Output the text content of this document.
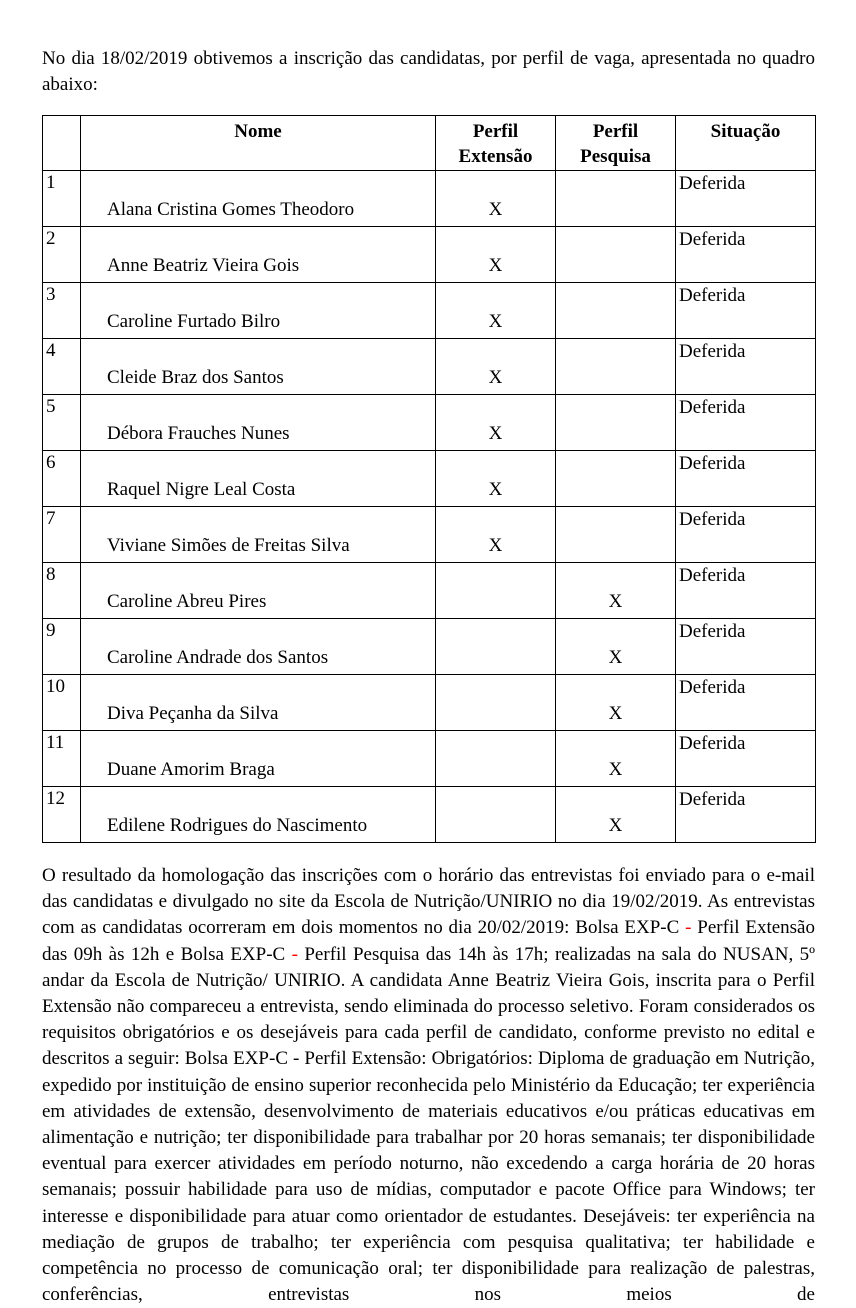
No dia 18/02/2019 obtivemos a inscrição das candidatas, por perfil de vaga, apresentada no quadro abaixo:

	Nome	Perfil Extensão	Perfil Pesquisa	Situação
1	Alana Cristina Gomes Theodoro	X		Deferida
2	Anne Beatriz Vieira Gois	X		Deferida
3	Caroline Furtado Bilro	X		Deferida
4	Cleide Braz dos Santos	X		Deferida
5	Débora Frauches Nunes	X		Deferida
6	Raquel Nigre Leal Costa	X		Deferida
7	Viviane Simões de Freitas Silva	X		Deferida
8	Caroline Abreu Pires		X	Deferida
9	Caroline Andrade dos Santos		X	Deferida
10	Diva Peçanha da Silva		X	Deferida
11	Duane Amorim Braga		X	Deferida
12	Edilene Rodrigues do Nascimento		X	Deferida

O resultado da homologação das inscrições com o horário das entrevistas foi enviado para o e-mail das candidatas e divulgado no site da Escola de Nutrição/UNIRIO no dia 19/02/2019. As entrevistas com as candidatas ocorreram em dois momentos no dia 20/02/2019: Bolsa EXP-C - Perfil Extensão das 09h às 12h e Bolsa EXP-C - Perfil Pesquisa das 14h às 17h; realizadas na sala do NUSAN, 5º andar da Escola de Nutrição/ UNIRIO. A candidata Anne Beatriz Vieira Gois, inscrita para o Perfil Extensão não compareceu a entrevista, sendo eliminada do processo seletivo. Foram considerados os requisitos obrigatórios e os desejáveis para cada perfil de candidato, conforme previsto no edital e descritos a seguir: Bolsa EXP-C - Perfil Extensão: Obrigatórios: Diploma de graduação em Nutrição, expedido por instituição de ensino superior reconhecida pelo Ministério da Educação; ter experiência em atividades de extensão, desenvolvimento de materiais educativos e/ou práticas educativas em alimentação e nutrição; ter disponibilidade para trabalhar por 20 horas semanais; ter disponibilidade eventual para exercer atividades em período noturno, não excedendo a carga horária de 20 horas semanais; possuir habilidade para uso de mídias, computador e pacote Office para Windows; ter interesse e disponibilidade para atuar como orientador de estudantes. Desejáveis: ter experiência na mediação de grupos de trabalho; ter experiência com pesquisa qualitativa; ter habilidade e competência no processo de comunicação oral; ter disponibilidade para realização de palestras, conferências, entrevistas nos meios de
